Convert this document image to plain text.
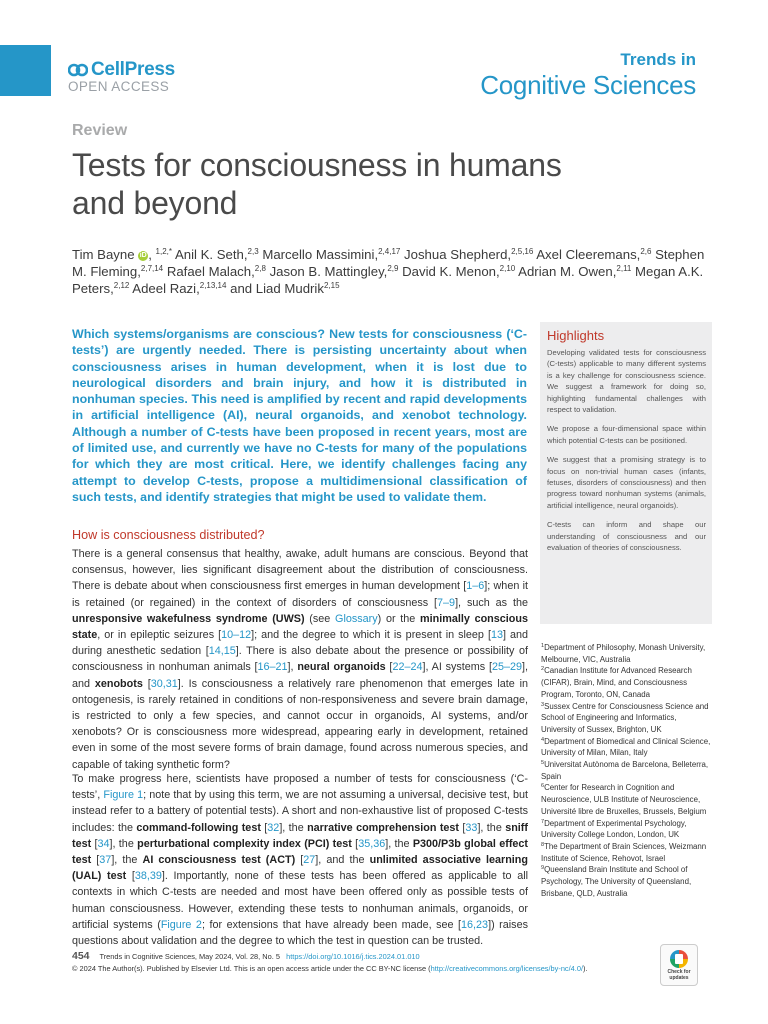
CellPress
OPEN ACCESS
Trends in
Cognitive Sciences
Review
Tests for consciousness in humans and beyond
Tim Bayne iD , $^{1,2,*}$ Anil K. Seth,$^{2,3}$ Marcello Massimini,$^{2,4,17}$ Joshua Shepherd,$^{2,5,16}$ Axel Cleeremans,$^{2,6}$ Stephen M. Fleming,$^{2,7,14}$ Rafael Malach,$^{2,8}$ Jason B. Mattingley,$^{2,9}$ David K. Menon,$^{2,10}$ Adrian M. Owen,$^{2,11}$ Megan A.K. Peters,$^{2,12}$ Adeel Razi,$^{2,13,14}$ and Liad Mudrik$^{2,15}$
Which systems/organisms are conscious? New tests for consciousness (‘C-tests’) are urgently needed. There is persisting uncertainty about when consciousness arises in human development, when it is lost due to neurological disorders and brain injury, and how it is distributed in nonhuman species. This need is amplified by recent and rapid developments in artificial intelligence (AI), neural organoids, and xenobot technology. Although a number of C-tests have been proposed in recent years, most are of limited use, and currently we have no C-tests for many of the populations for which they are most critical. Here, we identify challenges facing any attempt to develop C-tests, propose a multidimensional classification of such tests, and identify strategies that might be used to validate them.
How is consciousness distributed?
There is a general consensus that healthy, awake, adult humans are conscious. Beyond that consensus, however, lies significant disagreement about the distribution of consciousness. There is debate about when consciousness first emerges in human development [1–6]; when it is retained (or regained) in the context of disorders of consciousness [7–9], such as the unresponsive wakefulness syndrome (UWS) (see Glossary) or the minimally conscious state, or in epileptic seizures [10–12]; and the degree to which it is present in sleep [13] and during anesthetic sedation [14,15]. There is also debate about the presence or possibility of consciousness in nonhuman animals [16–21], neural organoids [22–24], AI systems [25–29], and xenobots [30,31]. Is consciousness a relatively rare phenomenon that emerges late in ontogenesis, is rarely retained in conditions of non-responsiveness and severe brain damage, is restricted to only a few species, and cannot occur in organoids, AI systems, and/or xenobots? Or is consciousness more widespread, appearing early in development, retained even in some of the most severe forms of brain damage, found across numerous species, and capable of taking synthetic form?
To make progress here, scientists have proposed a number of tests for consciousness (‘C-tests’, Figure 1; note that by using this term, we are not assuming a universal, decisive test, but instead refer to a battery of potential tests). A short and non-exhaustive list of proposed C-tests includes: the command-following test [32], the narrative comprehension test [33], the sniff test [34], the perturbational complexity index (PCI) test [35,36], the P300/P3b global effect test [37], the AI consciousness test (ACT) [27], and the unlimited associative learning (UAL) test [38,39]. Importantly, none of these tests has been offered as applicable to all contexts in which C-tests are needed and most have been offered only as possible tests of human consciousness. However, extending these tests to nonhuman animals, organoids, or artificial systems (Figure 2; for extensions that have already been made, see [16,23]) raises questions about validation and the degree to which the test in question can be trusted.
Highlights

Developing validated tests for consciousness (C-tests) applicable to many different systems is a key challenge for consciousness science. We suggest a framework for doing so, highlighting fundamental challenges with respect to validation.

We propose a four-dimensional space within which potential C-tests can be positioned.

We suggest that a promising strategy is to focus on non-trivial human cases (infants, fetuses, disorders of consciousness) and then progress toward nonhuman systems (animals, artificial intelligence, neural organoids).

C-tests can inform and shape our understanding of consciousness and our evaluation of theories of consciousness.

$^1$Department of Philosophy, Monash University, Melbourne, VIC, Australia
$^2$Canadian Institute for Advanced Research (CIFAR), Brain, Mind, and Consciousness Program, Toronto, ON, Canada
$^3$Sussex Centre for Consciousness Science and School of Engineering and Informatics, University of Sussex, Brighton, UK
$^4$Department of Biomedical and Clinical Science, University of Milan, Milan, Italy
$^5$Universitat Autònoma de Barcelona, Belleterra, Spain
$^6$Center for Research in Cognition and Neuroscience, ULB Institute of Neuroscience, Université libre de Bruxelles, Brussels, Belgium
$^7$Department of Experimental Psychology, University College London, London, UK
$^8$The Department of Brain Sciences, Weizmann Institute of Science, Rehovot, Israel
$^9$Queensland Brain Institute and School of Psychology, The University of Queensland, Brisbane, QLD, Australia
454 Trends in Cognitive Sciences, May 2024, Vol. 28, No. 5 https://doi.org/10.1016/j.tics.2024.01.010
© 2024 The Author(s). Published by Elsevier Ltd. This is an open access article under the CC BY-NC license (http://creativecommons.org/licenses/by-nc/4.0/).	Check for updates
